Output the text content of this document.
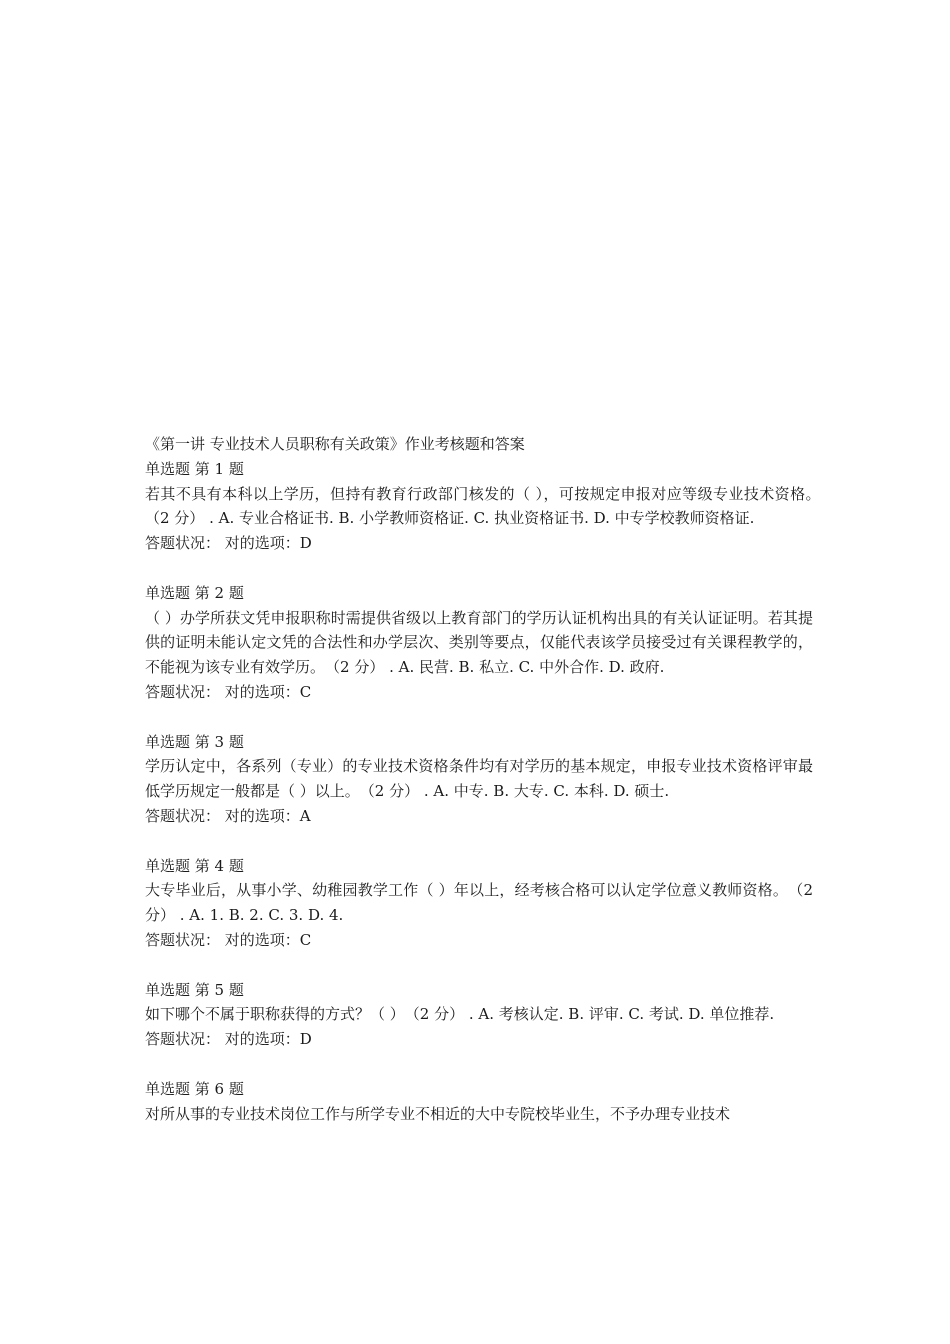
《第一讲 专业技术人员职称有关政策》作业考核题和答案
单选题 第 1 题
若其不具有本科以上学历，但持有教育行政部门核发的（ ），可按规定申报对应等级专业技术资格。　（2 分） . A. 专业合格证书. B. 小学教师资格证. C. 执业资格证书. D. 中专学校教师资格证.
答题状况： 对的选项：D
单选题 第 2 题
（ ）办学所获文凭申报职称时需提供省级以上教育部门的学历认证机构出具的有关认证证明。若其提供的证明未能认定文凭的合法性和办学层次、类别等要点，仅能代表该学员接受过有关课程教学的，不能视为该专业有效学历。　（2 分） . A. 民营. B. 私立. C. 中外合作. D. 政府.
答题状况： 对的选项：C
单选题 第 3 题
学历认定中，各系列（专业）的专业技术资格条件均有对学历的基本规定，申报专业技术资格评审最低学历规定一般都是（ ）以上。　（2 分） . A. 中专. B. 大专. C. 本科. D. 硕士.
答题状况： 对的选项：A
单选题 第 4 题
大专毕业后，从事小学、幼稚园教学工作（ ）年以上，经考核合格可以认定学位意义教师资格。　（2 分） . A. 1. B. 2. C. 3. D. 4.
答题状况： 对的选项：C
单选题 第 5 题
如下哪个不属于职称获得的方式？（ ）　（2 分） . A. 考核认定. B. 评审. C. 考试. D. 单位推荐.
答题状况： 对的选项：D
单选题 第 6 题
对所从事的专业技术岗位工作与所学专业不相近的大中专院校毕业生，不予办理专业技术
